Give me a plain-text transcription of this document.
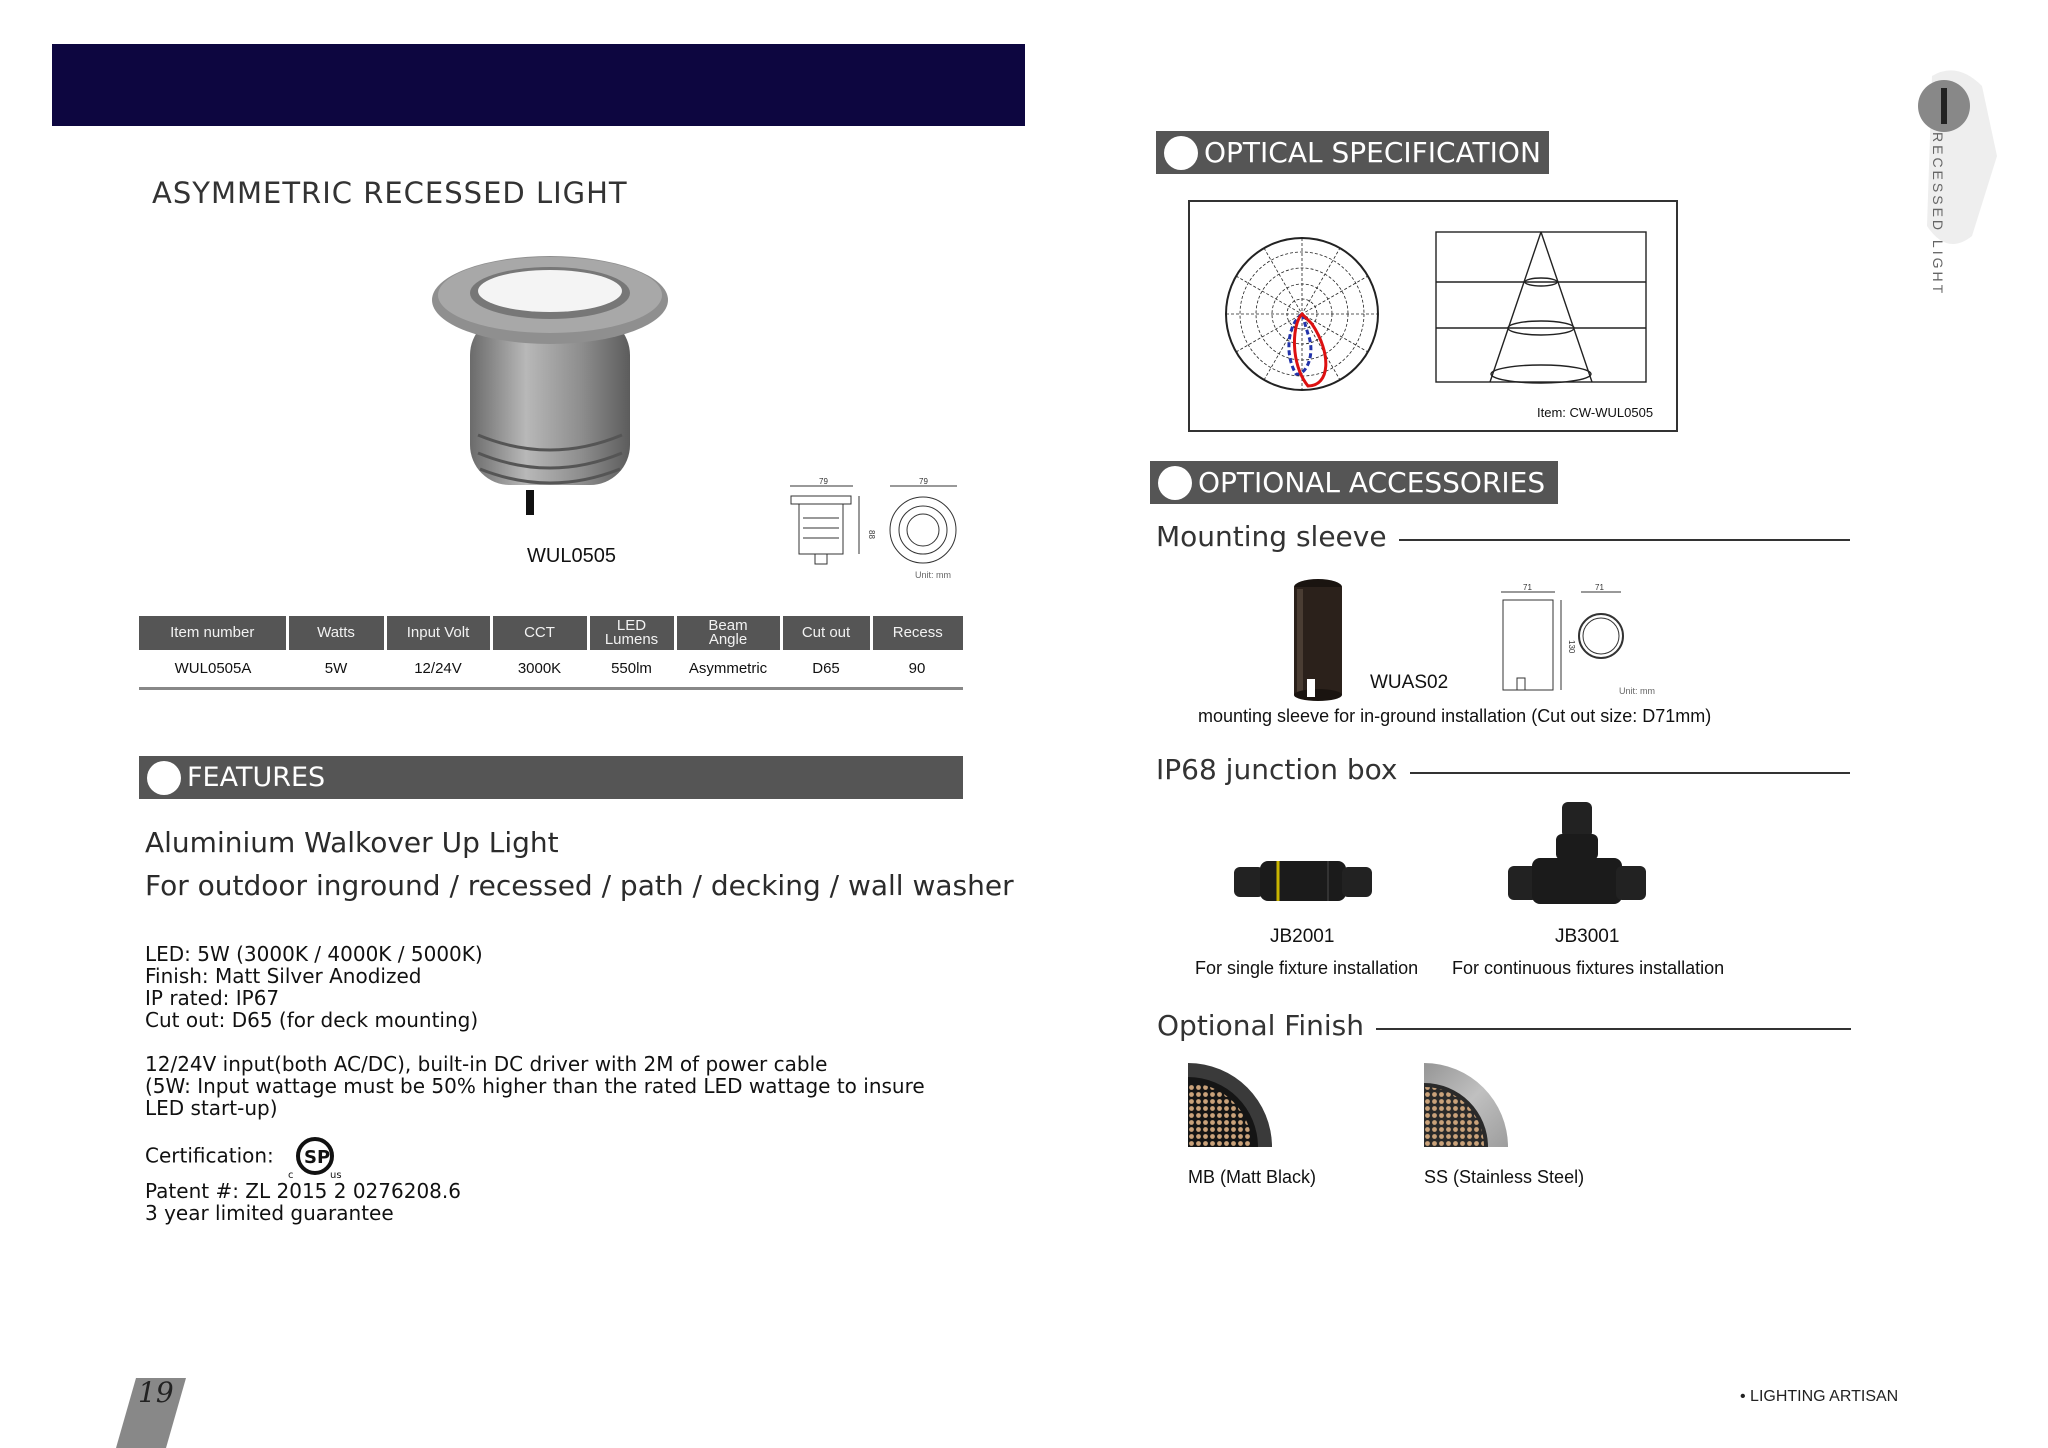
ASYMMETRIC RECESSED LIGHT
WUL0505
79	79
88
Unit: mm
Item number	Watts	Input Volt	CCT	LED Lumens	Beam Angle	Cut out	Recess
WUL0505A	5W	12/24V	3000K	550lm	Asymmetric	D65	90
FEATURES
Aluminium Walkover Up Light
For outdoor inground / recessed / path / decking / wall washer
LED: 5W (3000K / 4000K / 5000K)
Finish: Matt Silver Anodized
IP rated: IP67
Cut out: D65 (for deck mounting)
12/24V input(both AC/DC), built-in DC driver with 2M of power cable
(5W: Input wattage must be 50% higher than the rated LED wattage to insure LED start-up)
Certification: SP
c	us
Patent #: ZL 2015 2 0276208.6
3 year limited guarantee
OPTICAL SPECIFICATION
Item: CW-WUL0505
OPTIONAL ACCESSORIES
Mounting sleeve
WUAS02
71	71
130
Unit: mm
mounting sleeve for in-ground installation (Cut out size: D71mm)
IP68 junction box
JB2001	JB3001
For single fixture installation For continuous fixtures installation
Optional Finish
MB (Matt Black)	SS (Stainless Steel)
RECESSED LIGHT
19	• LIGHTING ARTISAN
